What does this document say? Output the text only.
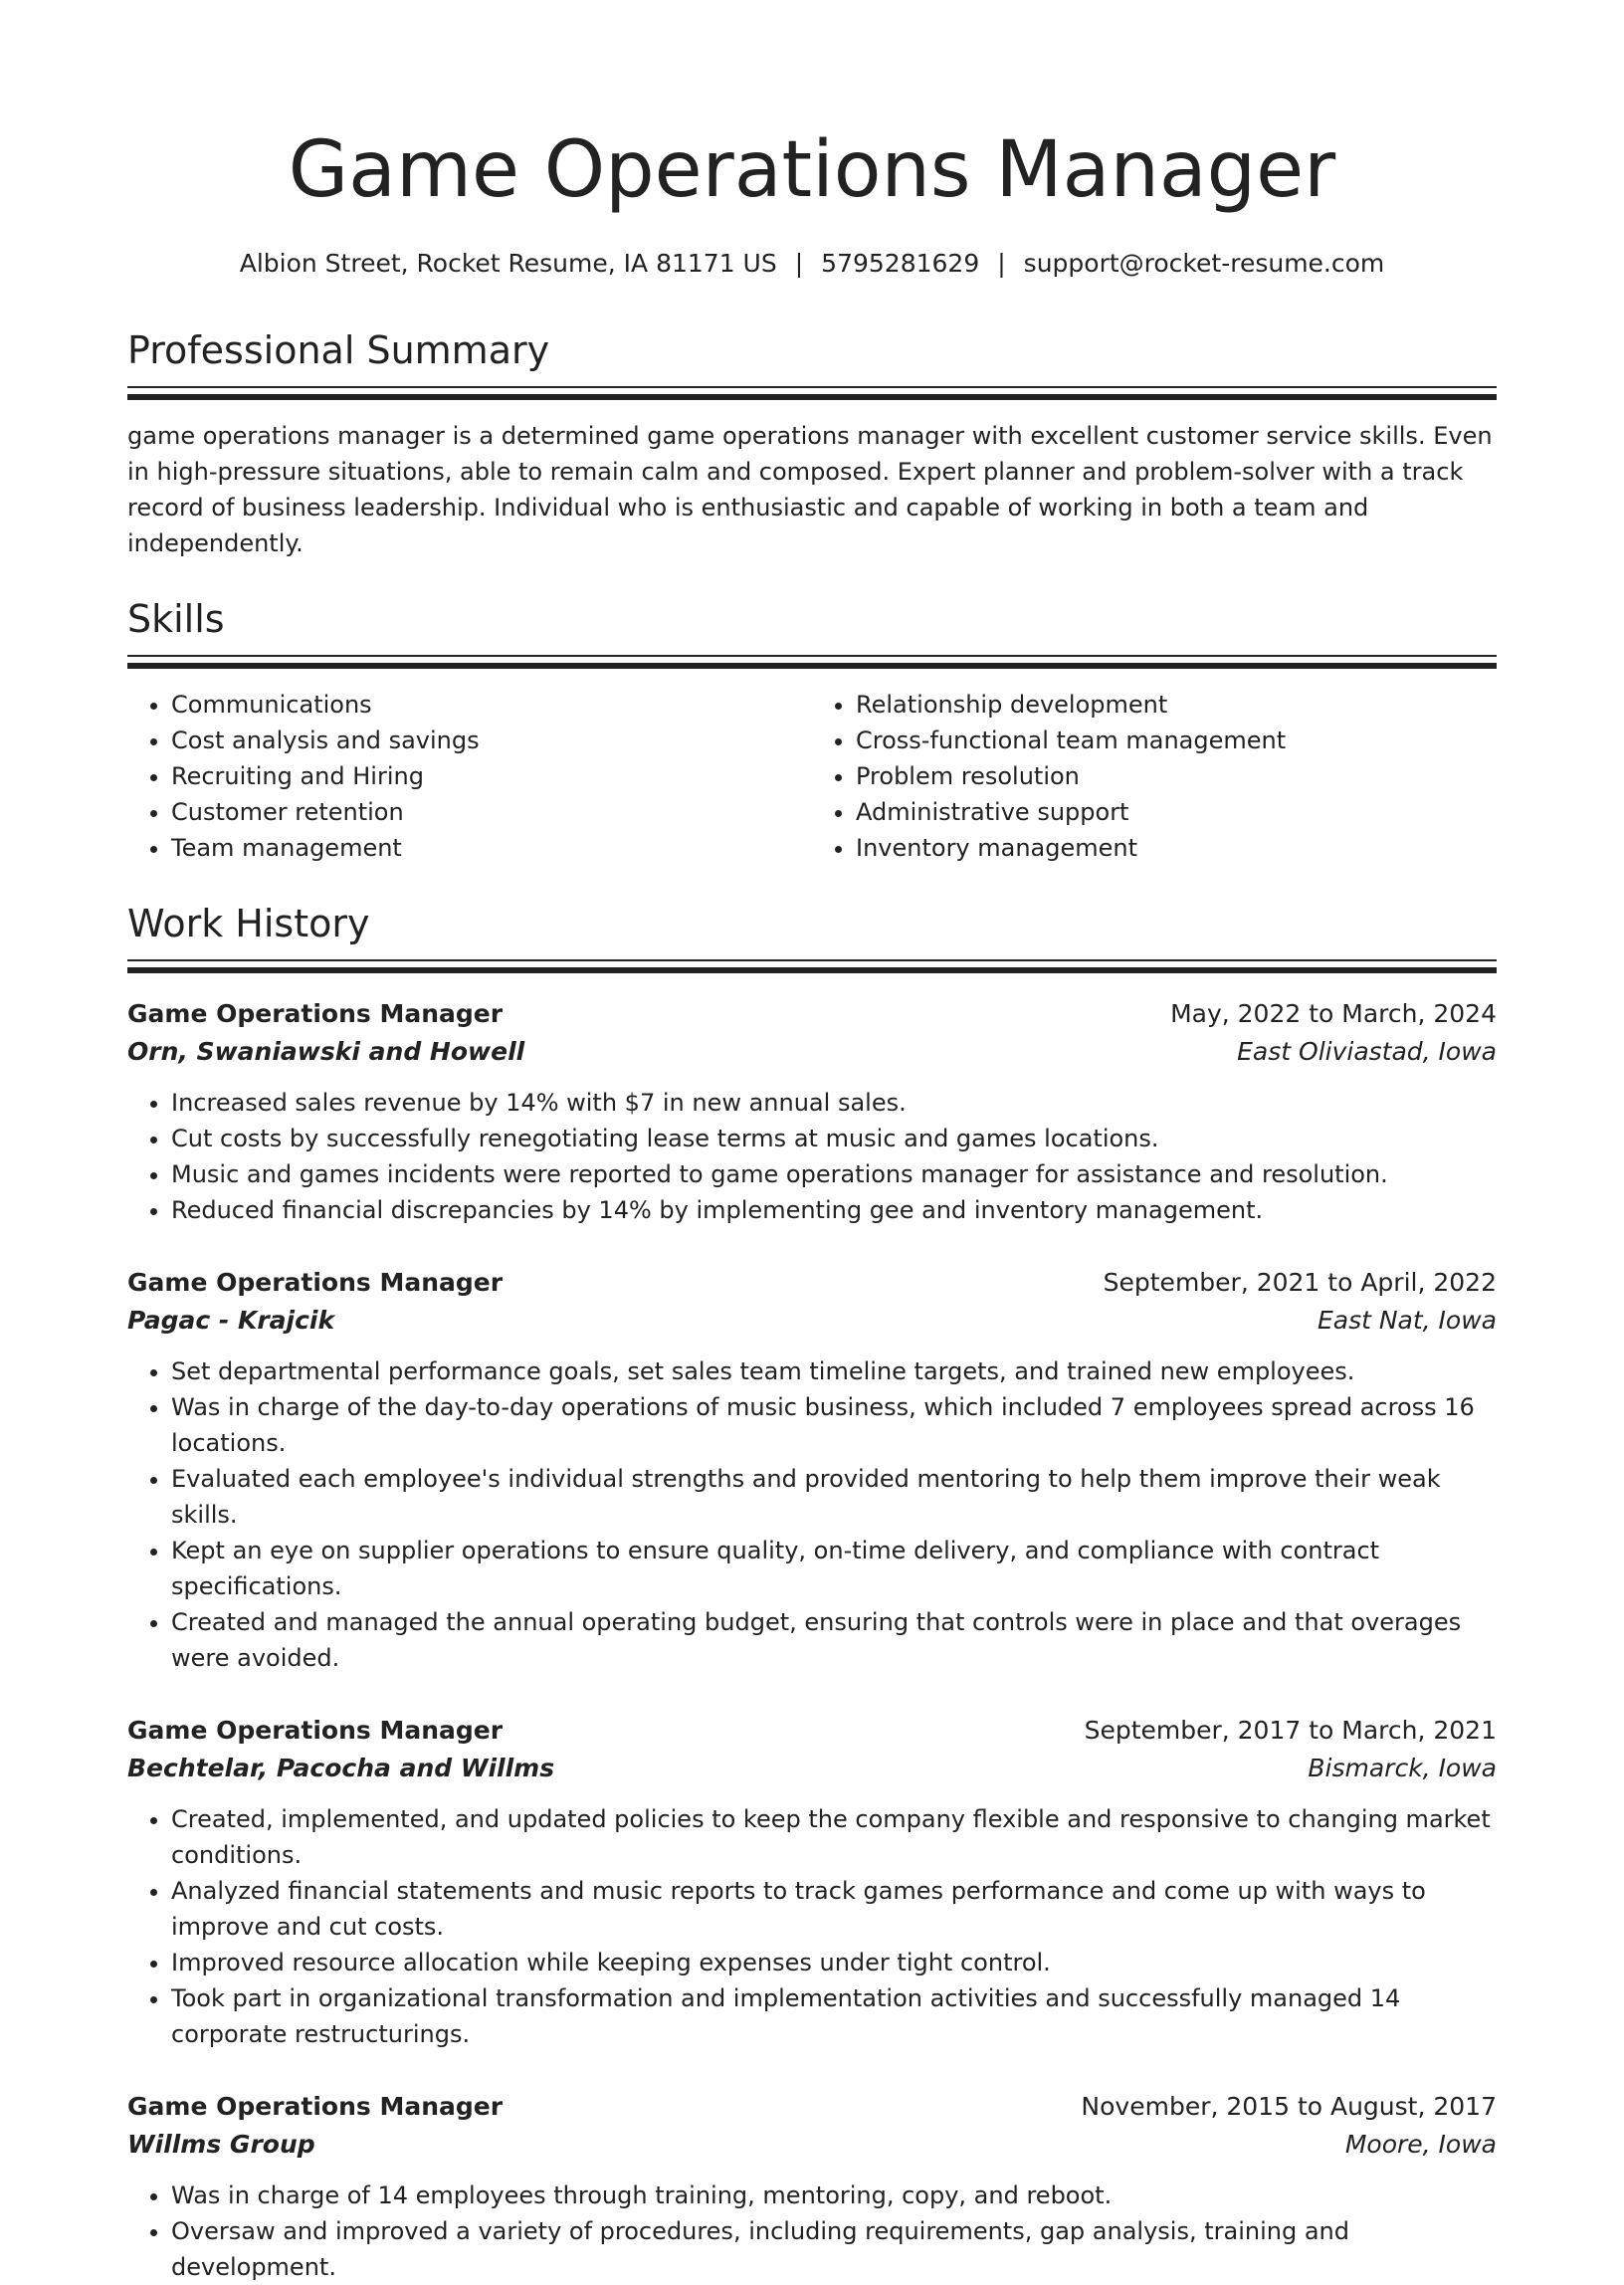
Game Operations Manager
Albion Street, Rocket Resume, IA 81171 US | 5795281629 | support@rocket-resume.com
Professional Summary

game operations manager is a determined game operations manager with excellent customer service skills. Even in high-pressure situations, able to remain calm and composed. Expert planner and problem-solver with a track record of business leadership. Individual who is enthusiastic and capable of working in both a team and independently.

Skills
• Communications
• Cost analysis and savings
• Recruiting and Hiring
• Customer retention
• Team management
• Relationship development
• Cross-functional team management
• Problem resolution
• Administrative support
• Inventory management
Work History
Game Operations Manager	May, 2022 to March, 2024
Orn, Swaniawski and Howell	East Oliviastad, Iowa
• Increased sales revenue by 14% with $7 in new annual sales.
• Cut costs by successfully renegotiating lease terms at music and games locations.
• Music and games incidents were reported to game operations manager for assistance and resolution.
• Reduced financial discrepancies by 14% by implementing gee and inventory management.
Game Operations Manager	September, 2021 to April, 2022
Pagac - Krajcik	East Nat, Iowa
• Set departmental performance goals, set sales team timeline targets, and trained new employees.
• Was in charge of the day-to-day operations of music business, which included 7 employees spread across 16 locations.
• Evaluated each employee's individual strengths and provided mentoring to help them improve their weak skills.
• Kept an eye on supplier operations to ensure quality, on-time delivery, and compliance with contract specifications.
• Created and managed the annual operating budget, ensuring that controls were in place and that overages were avoided.
Game Operations Manager	September, 2017 to March, 2021
Bechtelar, Pacocha and Willms	Bismarck, Iowa
• Created, implemented, and updated policies to keep the company flexible and responsive to changing market conditions.
• Analyzed financial statements and music reports to track games performance and come up with ways to improve and cut costs.
• Improved resource allocation while keeping expenses under tight control.
• Took part in organizational transformation and implementation activities and successfully managed 14 corporate restructurings.
Game Operations Manager	November, 2015 to August, 2017
Willms Group	Moore, Iowa
• Was in charge of 14 employees through training, mentoring, copy, and reboot.
• Oversaw and improved a variety of procedures, including requirements, gap analysis, training and development.
